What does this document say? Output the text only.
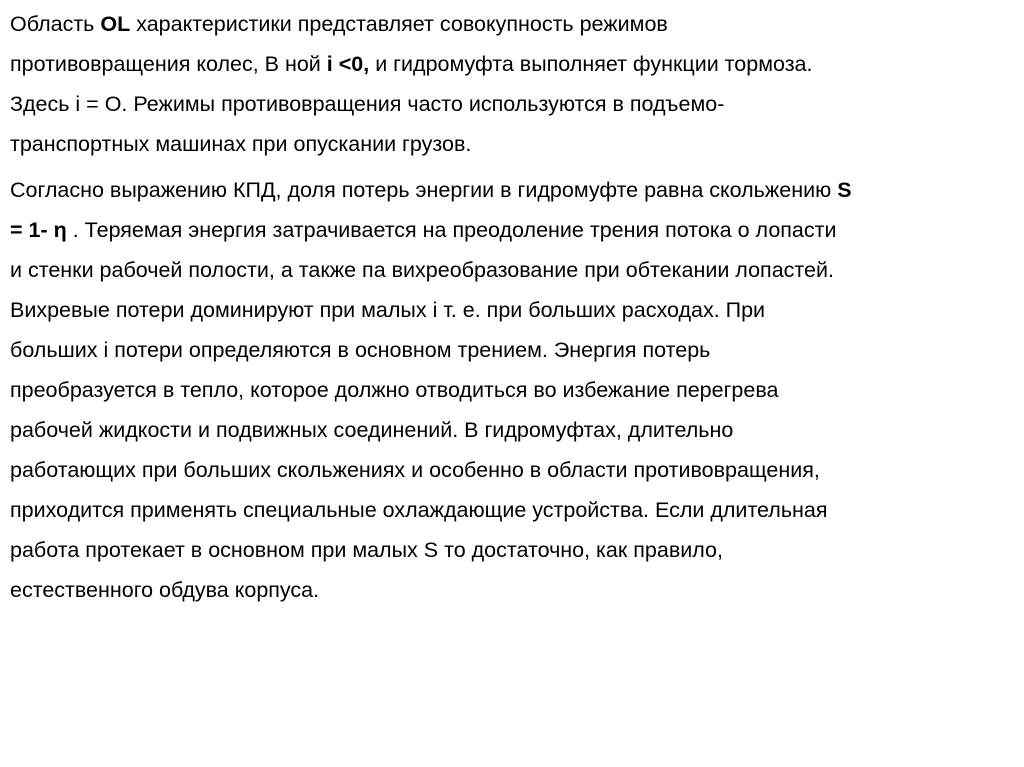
Область OL характеристики представляет совокупность режимов
противовращения колес, В ной i <0, и гидромуфта выполняет функции тормоза.
Здесь i = О. Режимы противовращения часто используются в подъемо-
транспортных машинах при опускании грузов.

Согласно выражению КПД, доля потерь энергии в гидромуфте равна скольжению S
= 1- η . Теряемая энергия затрачивается на преодоление трения потока о лопасти
и стенки рабочей полости, а также па вихреобразование при обтекании лопастей.
Вихревые потери доминируют при малых i т. е. при больших расходах. При
больших i потери определяются в основном трением. Энергия потерь
преобразуется в тепло, которое должно отводиться во избежание перегрева
рабочей жидкости и подвижных соединений. В гидромуфтах, длительно
работающих при больших скольжениях и особенно в области противовращения,
приходится применять специальные охлаждающие устройства. Если длительная
работа протекает в основном при малых S то достаточно, как правило,
естественного обдува корпуса.
